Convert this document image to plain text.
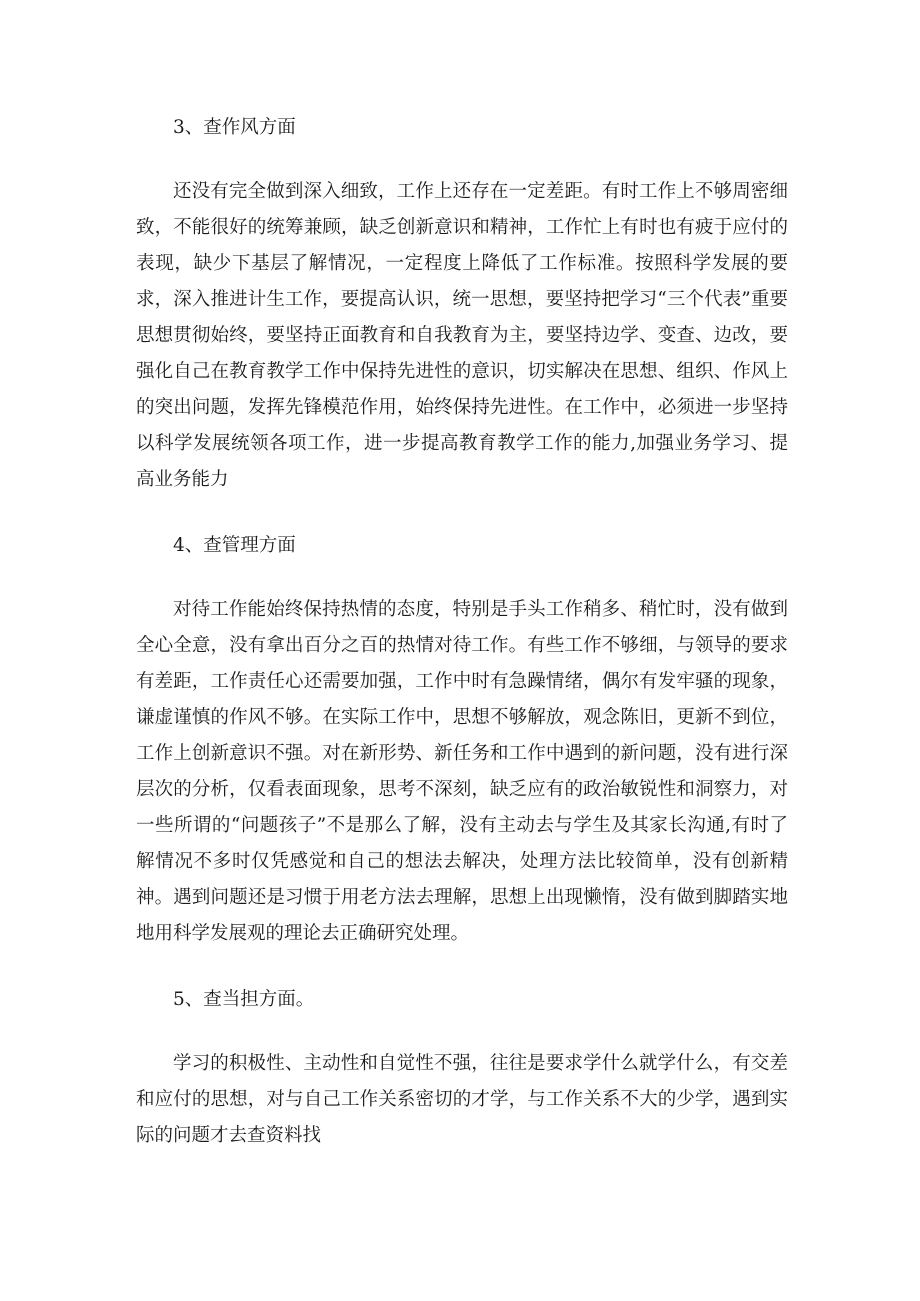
3、查作风方面

还没有完全做到深入细致，工作上还存在一定差距。有时工作上不够周密细致，不能很好的统筹兼顾，缺乏创新意识和精神，工作忙上有时也有疲于应付的表现，缺少下基层了解情况，一定程度上降低了工作标准。按照科学发展的要求，深入推进计生工作，要提高认识，统一思想，要坚持把学习“三个代表”重要思想贯彻始终，要坚持正面教育和自我教育为主，要坚持边学、变查、边改，要强化自己在教育教学工作中保持先进性的意识，切实解决在思想、组织、作风上的突出问题，发挥先锋模范作用，始终保持先进性。在工作中，必须进一步坚持以科学发展统领各项工作，进一步提高教育教学工作的能力,加强业务学习、提高业务能力

4、查管理方面

对待工作能始终保持热情的态度，特别是手头工作稍多、稍忙时，没有做到全心全意，没有拿出百分之百的热情对待工作。有些工作不够细，与领导的要求有差距，工作责任心还需要加强，工作中时有急躁情绪，偶尔有发牢骚的现象，谦虚谨慎的作风不够。在实际工作中，思想不够解放，观念陈旧，更新不到位，工作上创新意识不强。对在新形势、新任务和工作中遇到的新问题，没有进行深层次的分析，仅看表面现象，思考不深刻，缺乏应有的政治敏锐性和洞察力，对一些所谓的“问题孩子”不是那么了解，没有主动去与学生及其家长沟通,有时了解情况不多时仅凭感觉和自己的想法去解决，处理方法比较简单，没有创新精神。遇到问题还是习惯于用老方法去理解，思想上出现懒惰，没有做到脚踏实地地用科学发展观的理论去正确研究处理。

5、查当担方面。

学习的积极性、主动性和自觉性不强，往往是要求学什么就学什么，有交差和应付的思想，对与自己工作关系密切的才学，与工作关系不大的少学，遇到实际的问题才去查资料找
